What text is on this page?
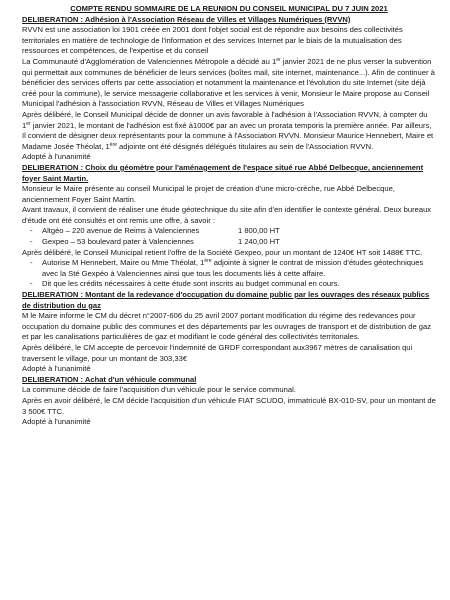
COMPTE RENDU SOMMAIRE DE LA REUNION DU CONSEIL MUNICIPAL DU 7 JUIN 2021

DELIBERATION : Adhésion à l'Association Réseau de Villes et Villages Numériques (RVVN)

RVVN est une association loi 1901 créée en 2001 dont l'objet social est de répondre aux besoins des collectivités territoriales en matière de technologie de l'information et des services Internet par le biais de la mutualisation des ressources et compétences, de l'expertise et du conseil

La Communauté d'Agglomération de Valenciennes Métropole a décidé au 1er janvier 2021 de ne plus verser la subvention qui permettait aux communes de bénéficier de leurs services (boîtes mail, site internet, maintenance...). Afin de continuer à bénéficier des services offerts par cette association et notamment la maintenance et l'évolution du site Internet (site déjà créé pour la commune), le service messagerie collaborative et les services à venir, Monsieur le Maire propose au Conseil Municipal l'adhésion à l'association RVVN, Réseau de Villes et Villages Numériques

Après délibéré, le Conseil Municipal décide de donner un avis favorable à l'adhésion à l'Association RVVN, à compter du 1er janvier 2021, le montant de l'adhésion est fixé à1000€ par an avec un prorata temporis la première année. Par ailleurs, Il convient de désigner deux représentants pour la commune à l'Association RVVN. Monsieur Maurice Hennebert, Maire et Madame Josée Théolat, 1ère adjointe ont été désignés délégués titulaires au sein de l'Association RVVN.

Adopté à l'unanimité

DELIBERATION : Choix du géomètre pour l'aménagement de l'espace situé rue Abbé Delbecque, anciennement foyer Saint Martin.

Monsieur le Maire présente au conseil Municipal le projet de création d'une micro-crèche, rue Abbé Delbecque, anciennement Foyer Saint Martin.

Avant travaux, il convient de réaliser une étude géotechnique du site afin d'en identifier le contexte général. Deux bureaux d'étude ont été consultés et ont remis une offre, à savoir :

-	Altgéo – 220 avenue de Reims à Valenciennes	1 800,00 HT
-	Gexpeo – 53 boulevard pater à Valenciennes	1 240,00 HT

Après délibéré, le Conseil Municipal retient l'offre de la Société Gexpeo, pour un montant de 1240€ HT soit 1488€ TTC.

-	Autorise M Hennebert, Maire ou Mme Théolat, 1ère adjointe à signer le contrat de mission d'études géotechniques avec la Sté Gexpéo à Valenciennes ainsi que tous les documents liés à cette affaire.
-	Dit que les crédits nécessaires à cette étude sont inscrits au budget communal en cours.

DELIBERATION : Montant de la redevance d'occupation du domaine public par les ouvrages des réseaux publics de distribution du gaz

M le Maire informe le CM du décret n°2007-606 du 25 avril 2007 portant modification du régime des redevances pour occupation du domaine public des communes et des départements par les ouvrages de transport et de distribution de gaz et par les canalisations particulières de gaz et modifiant le code général des collectivités territoriales.

Après délibéré, le CM accepte de percevoir l'indemnité de GRDF correspondant aux3967 mètres de canalisation qui traversent le village, pour un montant de 303,33€

Adopté à l'unanimité

DELIBERATION : Achat d'un véhicule communal

La commune décide de faire l'acquisition d'un véhicule pour le service communal.

Après en avoir délibéré, le CM décide l'acquisition d'un véhicule FIAT SCUDO, immatriculé BX-010-SV, pour un montant de 3 500€ TTC.

Adopté à l'unanimité
